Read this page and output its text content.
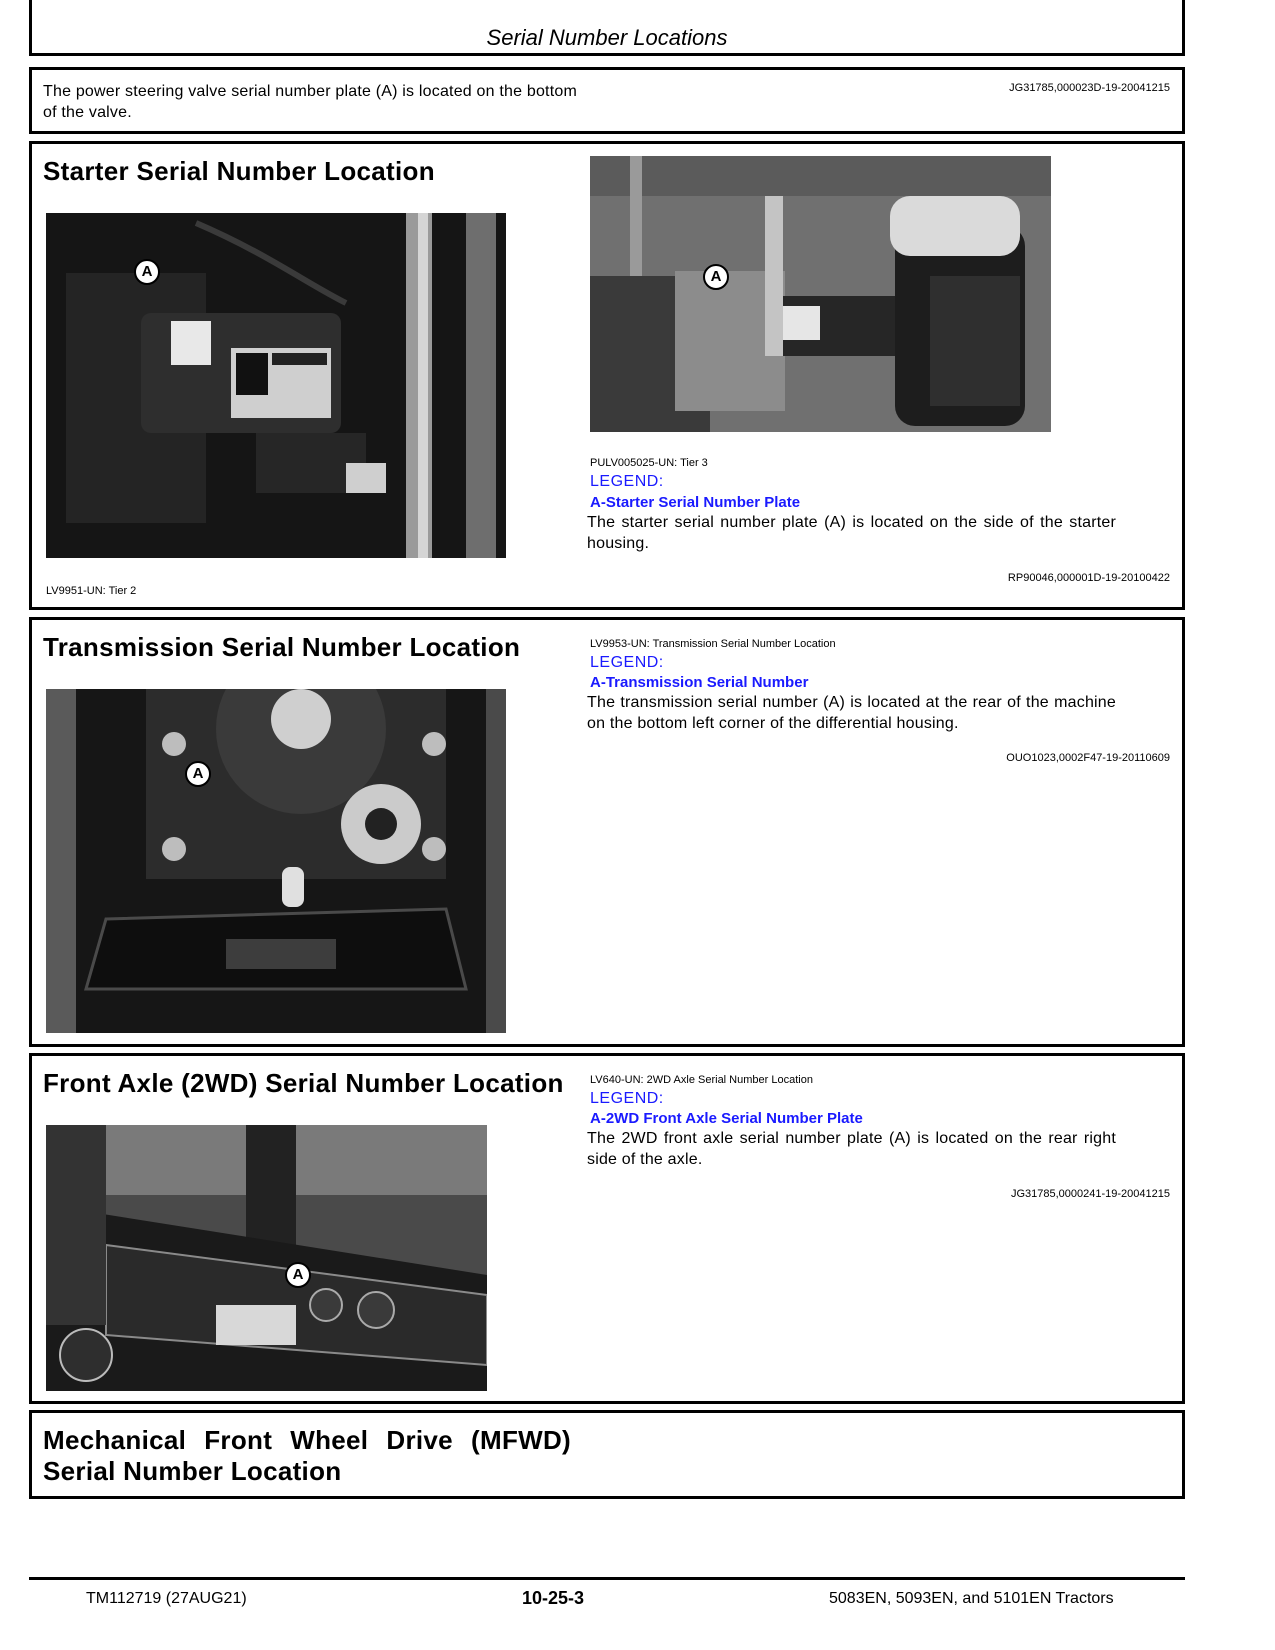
Serial Number Locations
The power steering valve serial number plate (A) is located on the bottom of the valve.
JG31785,000023D-19-20041215
Starter Serial Number Location
A	A
PULV005025-UN: Tier 3
LEGEND:
A-Starter Serial Number Plate
The starter serial number plate (A) is located on the side of the starter housing.
RP90046,000001D-19-20100422
LV9951-UN: Tier 2
Transmission Serial Number Location
A
LV9953-UN: Transmission Serial Number Location
LEGEND:
A-Transmission Serial Number
The transmission serial number (A) is located at the rear of the machine on the bottom left corner of the differential housing.
OUO1023,0002F47-19-20110609
Front Axle (2WD) Serial Number Location
A
LV640-UN: 2WD Axle Serial Number Location
LEGEND:
A-2WD Front Axle Serial Number Plate
The 2WD front axle serial number plate (A) is located on the rear right side of the axle.
JG31785,0000241-19-20041215
Mechanical Front Wheel Drive (MFWD)
Serial Number Location
TM112719 (27AUG21)	10-25-3	5083EN, 5093EN, and 5101EN Tractors
